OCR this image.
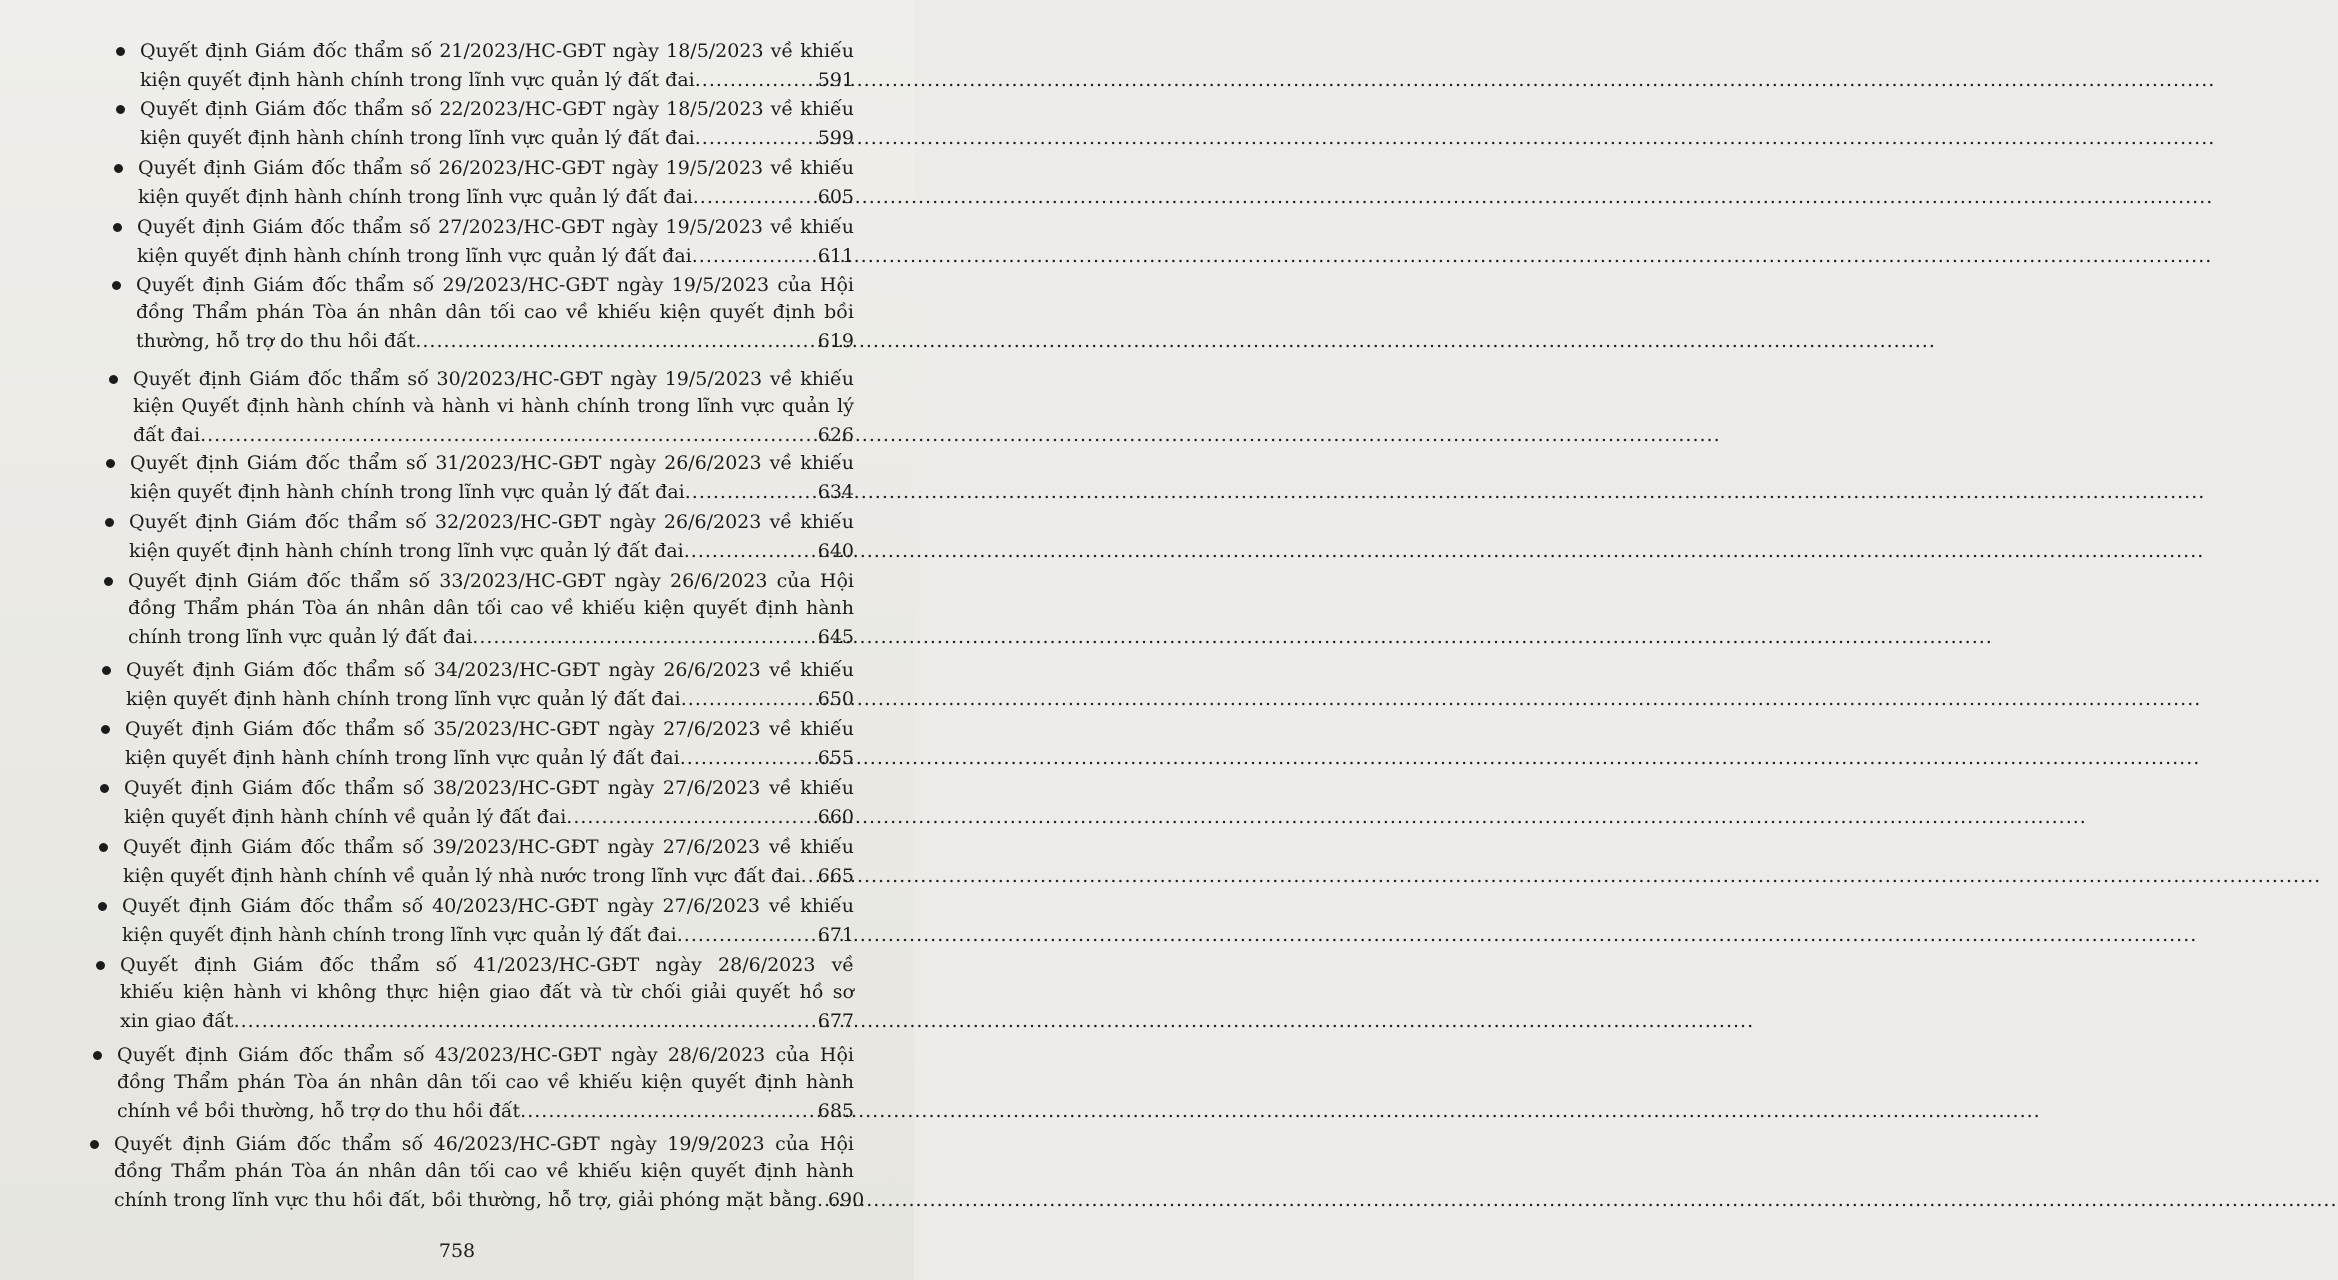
Quyết định Giám đốc thẩm số 21/2023/HC-GĐT ngày 18/5/2023 về khiếu
kiện quyết định hành chính trong lĩnh vực quản lý đất đai .....	591
Quyết định Giám đốc thẩm số 22/2023/HC-GĐT ngày 18/5/2023 về khiếu
kiện quyết định hành chính trong lĩnh vực quản lý đất đai .....	599
Quyết định Giám đốc thẩm số 26/2023/HC-GĐT ngày 19/5/2023 về khiếu
kiện quyết định hành chính trong lĩnh vực quản lý đất đai .....	605
Quyết định Giám đốc thẩm số 27/2023/HC-GĐT ngày 19/5/2023 về khiếu
kiện quyết định hành chính trong lĩnh vực quản lý đất đai .....	611
Quyết định Giám đốc thẩm số 29/2023/HC-GĐT ngày 19/5/2023 của Hội
đồng Thẩm phán Tòa án nhân dân tối cao về khiếu kiện quyết định bồi
thường, hỗ trợ do thu hồi đất .....	619
Quyết định Giám đốc thẩm số 30/2023/HC-GĐT ngày 19/5/2023 về khiếu
kiện Quyết định hành chính và hành vi hành chính trong lĩnh vực quản lý
đất đai .....	626
Quyết định Giám đốc thẩm số 31/2023/HC-GĐT ngày 26/6/2023 về khiếu
kiện quyết định hành chính trong lĩnh vực quản lý đất đai .....	634
Quyết định Giám đốc thẩm số 32/2023/HC-GĐT ngày 26/6/2023 về khiếu
kiện quyết định hành chính trong lĩnh vực quản lý đất đai .....	640
Quyết định Giám đốc thẩm số 33/2023/HC-GĐT ngày 26/6/2023 của Hội
đồng Thẩm phán Tòa án nhân dân tối cao về khiếu kiện quyết định hành
chính trong lĩnh vực quản lý đất đai .....	645
Quyết định Giám đốc thẩm số 34/2023/HC-GĐT ngày 26/6/2023 về khiếu
kiện quyết định hành chính trong lĩnh vực quản lý đất đai .....	650
Quyết định Giám đốc thẩm số 35/2023/HC-GĐT ngày 27/6/2023 về khiếu
kiện quyết định hành chính trong lĩnh vực quản lý đất đai .....	655
Quyết định Giám đốc thẩm số 38/2023/HC-GĐT ngày 27/6/2023 về khiếu
kiện quyết định hành chính về quản lý đất đai .....	660
Quyết định Giám đốc thẩm số 39/2023/HC-GĐT ngày 27/6/2023 về khiếu
kiện quyết định hành chính về quản lý nhà nước trong lĩnh vực đất đai ..... 665
Quyết định Giám đốc thẩm số 40/2023/HC-GĐT ngày 27/6/2023 về khiếu
kiện quyết định hành chính trong lĩnh vực quản lý đất đai .....	671
Quyết định Giám đốc thẩm số 41/2023/HC-GĐT ngày 28/6/2023 về
khiếu kiện hành vi không thực hiện giao đất và từ chối giải quyết hồ sơ
xin giao đất .....	677
Quyết định Giám đốc thẩm số 43/2023/HC-GĐT ngày 28/6/2023 của Hội
đồng Thẩm phán Tòa án nhân dân tối cao về khiếu kiện quyết định hành
chính về bồi thường, hỗ trợ do thu hồi đất .....	685
Quyết định Giám đốc thẩm số 46/2023/HC-GĐT ngày 19/9/2023 của Hội
đồng Thẩm phán Tòa án nhân dân tối cao về khiếu kiện quyết định hành
chính trong lĩnh vực thu hồi đất, bồi thường, hỗ trợ, giải phóng mặt bằng ..... 690
758
